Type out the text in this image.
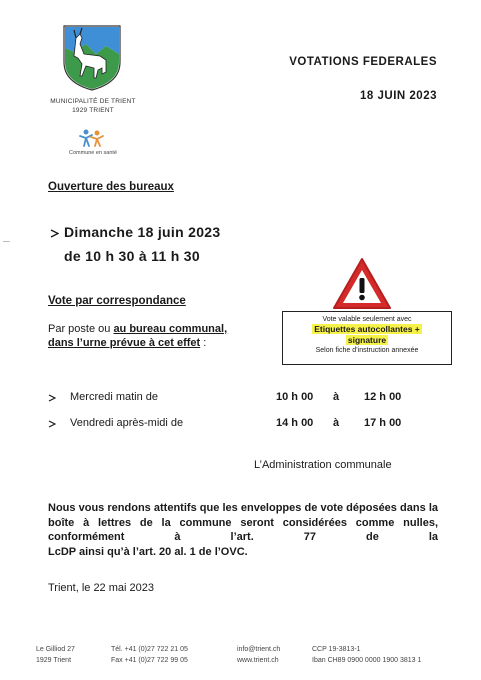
MUNICIPALITÉ DE TRIENT
1929 TRIENT
Commune en santé
VOTATIONS FEDERALES
18 JUIN 2023
Ouverture des bureaux
Dimanche 18 juin 2023
de 10 h 30 à 11 h 30
Vote par correspondance
Par poste ou au bureau communal,
dans l’urne prévue à cet effet :
Vote valable seulement avec
Etiquettes autocollantes +
signature
Selon fiche d’instruction annexée
Mercredi matin de	10 h 00 à 12 h 00
Vendredi après-midi de	14 h 00 à 17 h 00
L’Administration communale
Nous vous rendons attentifs que les enveloppes de vote déposées dans la boîte à lettres de la commune seront considérées comme nulles, conformément à l’art. 77 de la
LcDP ainsi qu’à l’art. 20 al. 1 de l’OVC.
Trient, le 22 mai 2023
Le Gilliod 27
1929 Trient
Tél. +41 (0)27 722 21 05
Fax +41 (0)27 722 99 05
info@trient.ch
www.trient.ch
CCP 19-3813-1
Iban CH89 0900 0000 1900 3813 1
